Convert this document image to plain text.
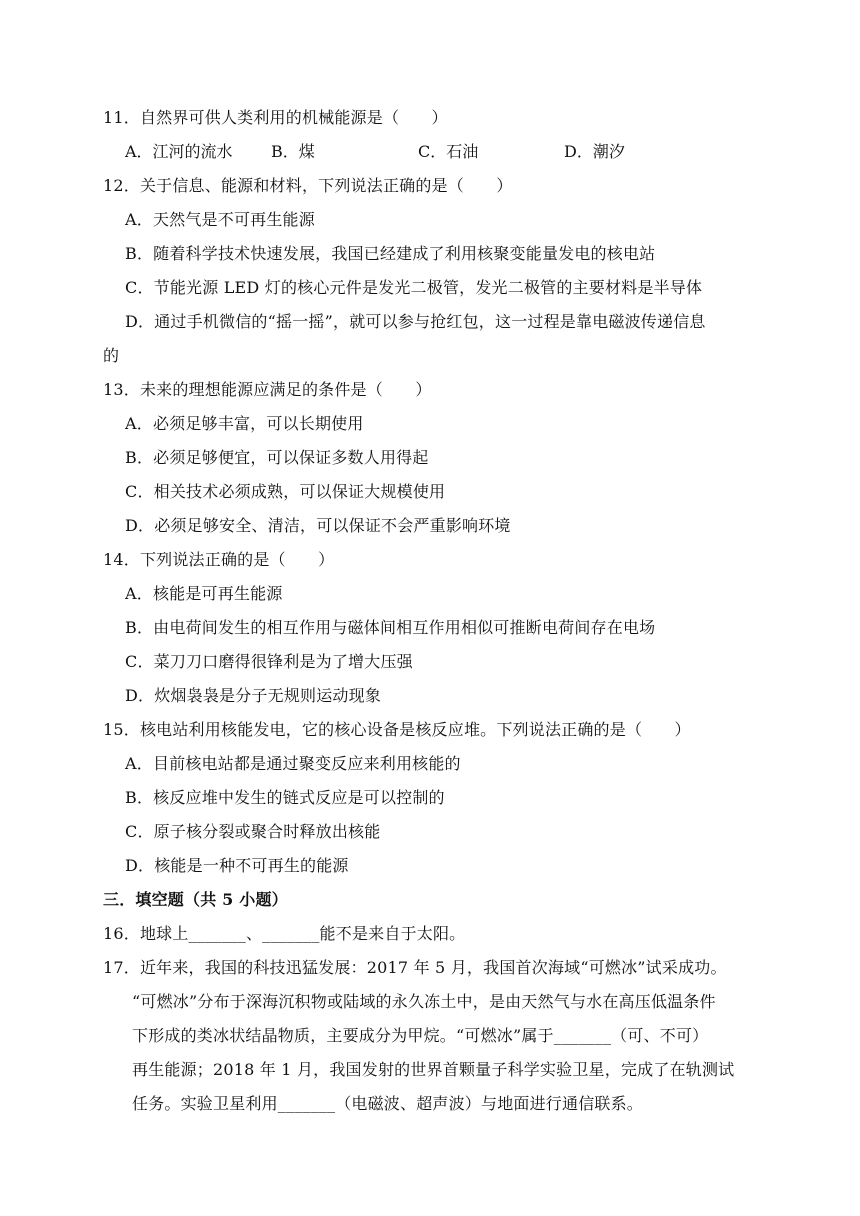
11．自然界可供人类利用的机械能源是（　　）
A．江河的流水 B．煤	C．石油	D．潮汐
12．关于信息、能源和材料，下列说法正确的是（　　）
A．天然气是不可再生能源
B．随着科学技术快速发展，我国已经建成了利用核聚变能量发电的核电站
C．节能光源 LED 灯的核心元件是发光二极管，发光二极管的主要材料是半导体
D．通过手机微信的“摇一摇”，就可以参与抢红包，这一过程是靠电磁波传递信息
的
13．未来的理想能源应满足的条件是（　　）
A．必须足够丰富，可以长期使用
B．必须足够便宜，可以保证多数人用得起
C．相关技术必须成熟，可以保证大规模使用
D．必须足够安全、清洁，可以保证不会严重影响环境
14．下列说法正确的是（　　）
A．核能是可再生能源
B．由电荷间发生的相互作用与磁体间相互作用相似可推断电荷间存在电场
C．菜刀刀口磨得很锋利是为了增大压强
D．炊烟袅袅是分子无规则运动现象
15．核电站利用核能发电，它的核心设备是核反应堆。下列说法正确的是（　　）
A．目前核电站都是通过聚变反应来利用核能的
B．核反应堆中发生的链式反应是可以控制的
C．原子核分裂或聚合时释放出核能
D．核能是一种不可再生的能源
三．填空题（共 5 小题）
16．地球上_______、_______能不是来自于太阳。
17．近年来，我国的科技迅猛发展：2017 年 5 月，我国首次海域“可燃冰”试采成功。
“可燃冰”分布于深海沉积物或陆域的永久冻土中，是由天然气与水在高压低温条件
下形成的类冰状结晶物质，主要成分为甲烷。“可燃冰”属于_______（可、不可）
再生能源；2018 年 1 月，我国发射的世界首颗量子科学实验卫星，完成了在轨测试
任务。实验卫星利用_______（电磁波、超声波）与地面进行通信联系。
